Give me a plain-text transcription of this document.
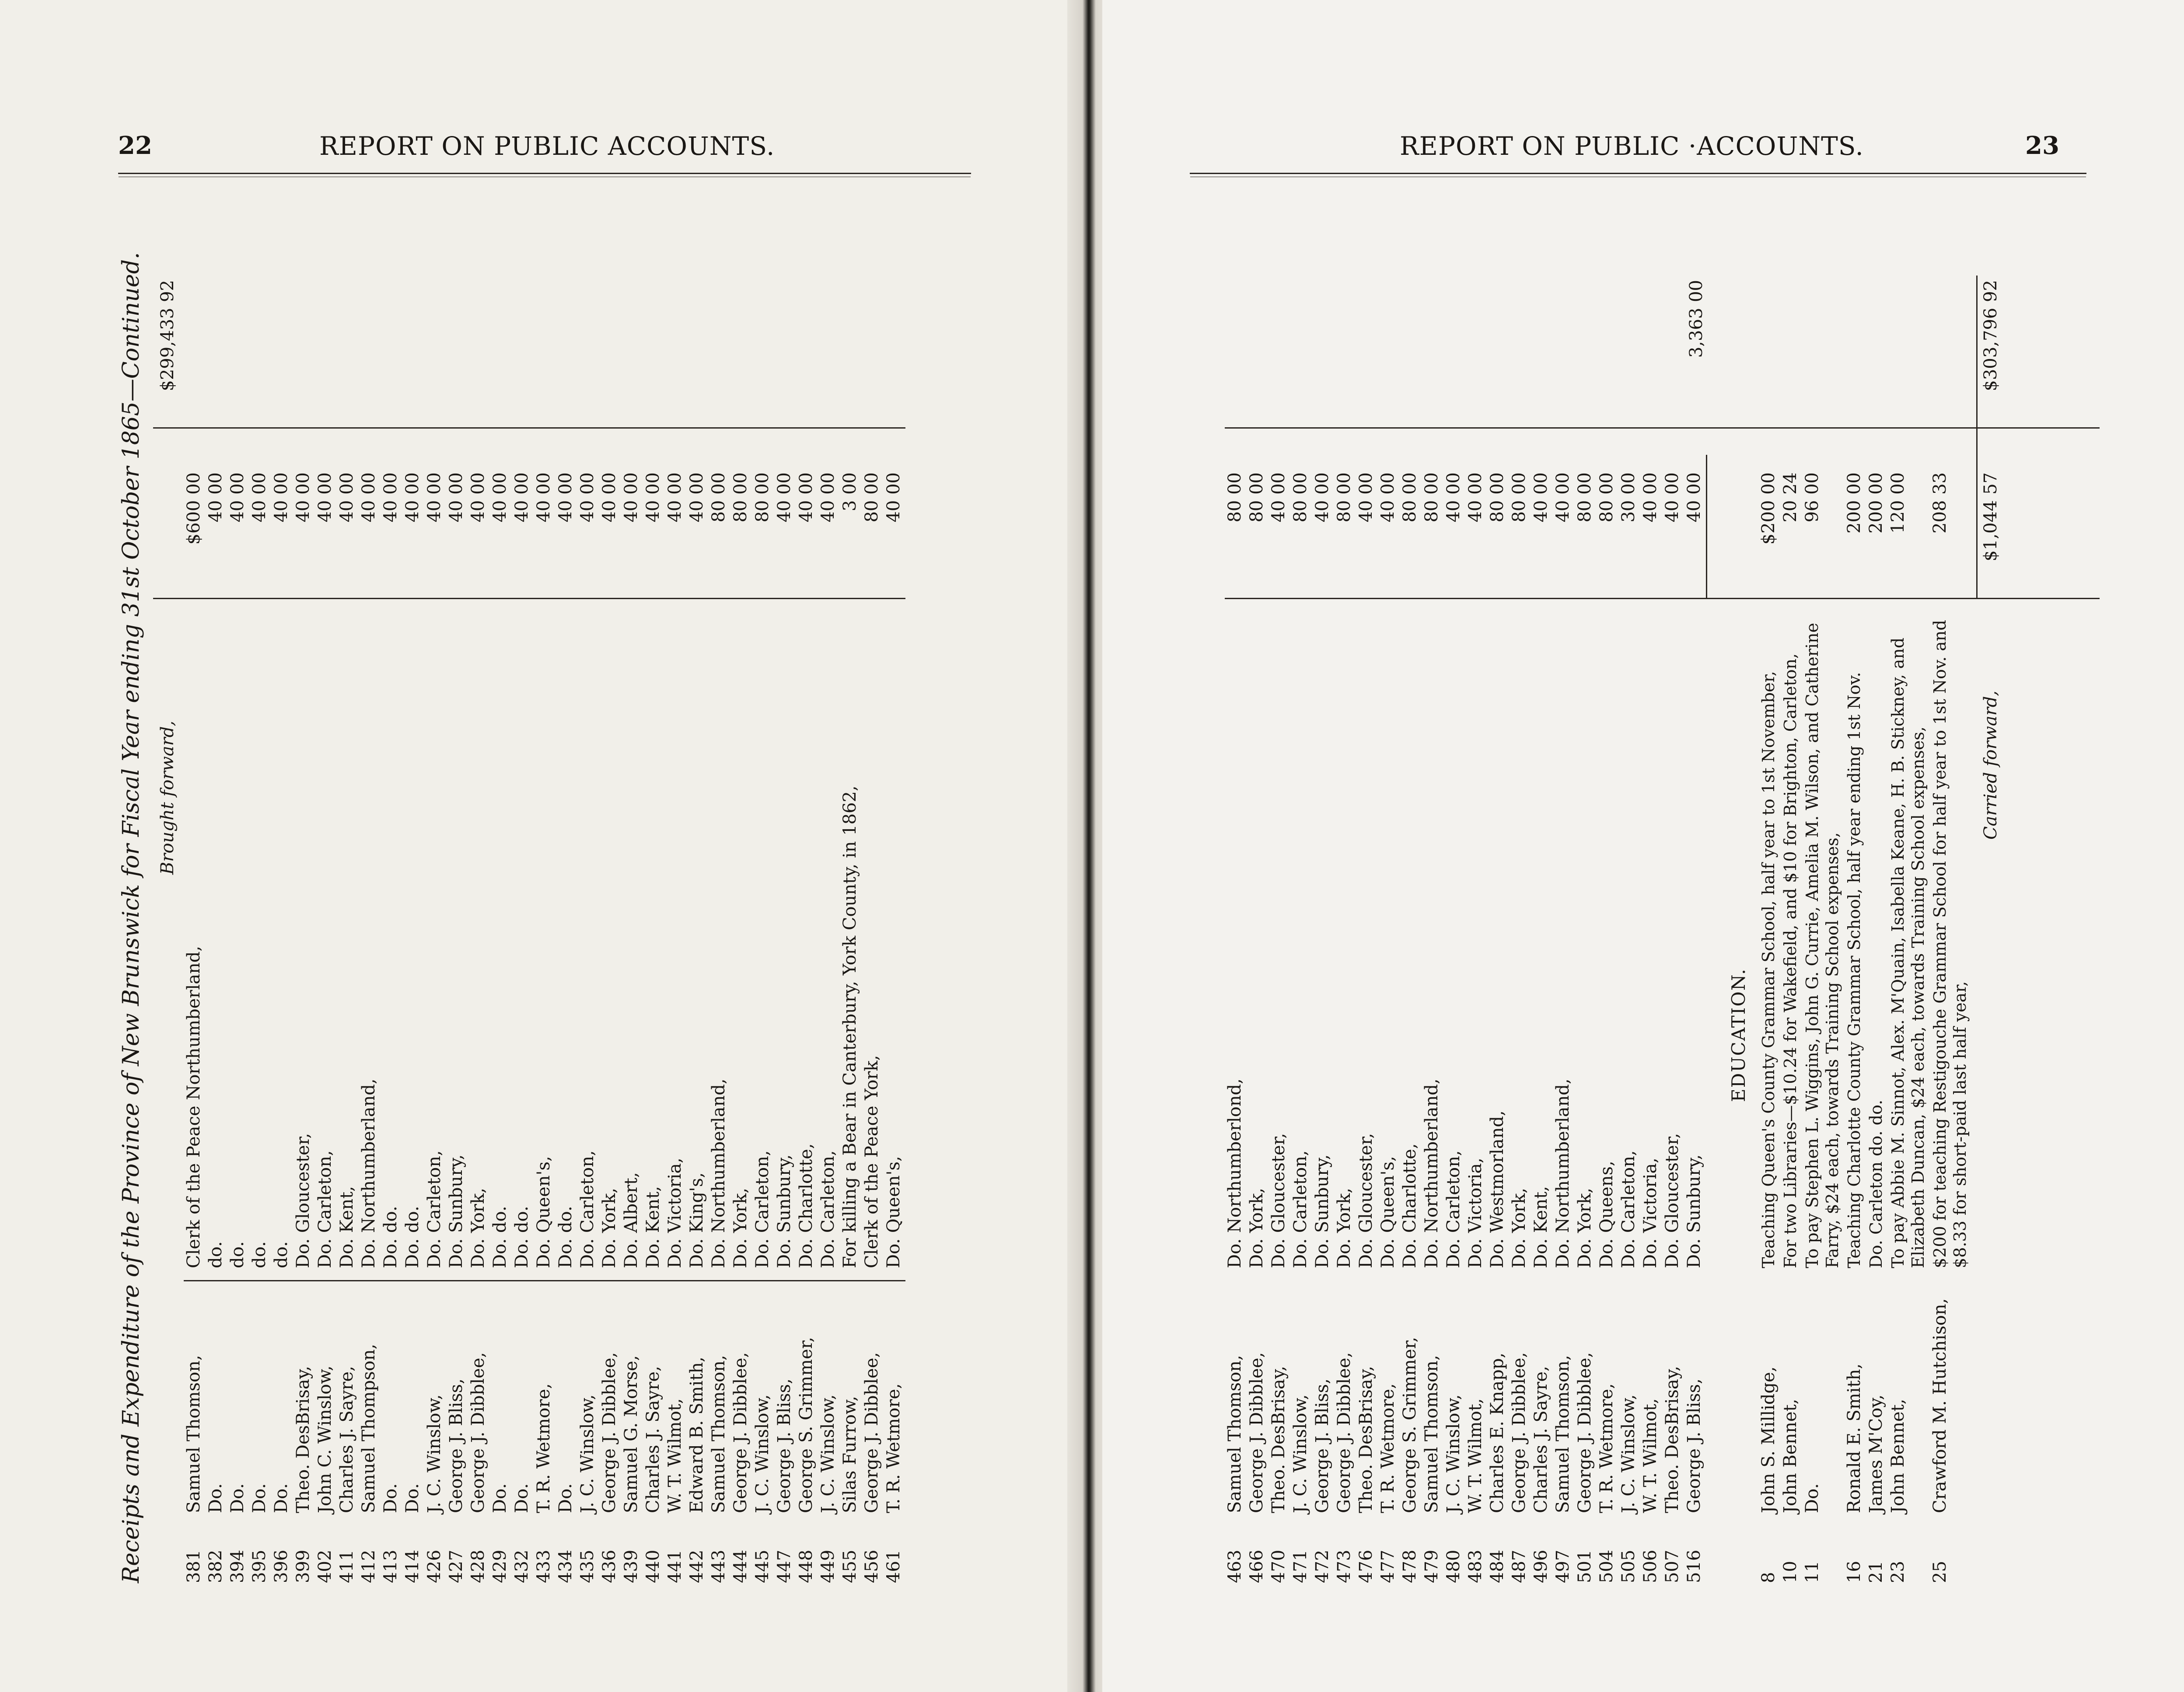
22	REPORT ON PUBLIC ACCOUNTS.
Receipts and Expenditure of the Province of New Brunswick for Fiscal Year ending 31st October 1865—Continued. Brought forward,
$299,433 92
381
Samuel Thomson,
Clerk of the Peace Northumberland,
$600 00
382
Do.
do.
40 00
394
Do.
do.
40 00
395
Do.
do.
40 00
396
Do.
do.
40 00
399
Theo. DesBrisay,
Do. Gloucester,
40 00
402
John C. Winslow,
Do. Carleton,
40 00
411
Charles J. Sayre,
Do. Kent,
40 00
412
Samuel Thompson,
Do. Northumberland,
40 00
413
Do.
Do. do.
40 00
414
Do.
Do. do.
40 00
426
J. C. Winslow,
Do. Carleton,
40 00
427
George J. Bliss,
Do. Sunbury,
40 00
428
George J. Dibblee,
Do. York,
40 00
429
Do.
Do. do.
40 00
432
Do.
Do. do.
40 00
433
T. R. Wetmore,
Do. Queen's,
40 00
434
Do.
Do. do.
40 00
435
J. C. Winslow,
Do. Carleton,
40 00
436
George J. Dibblee,
Do. York,
40 00
439
Samuel G. Morse,
Do. Albert,
40 00
440
Charles J. Sayre,
Do. Kent,
40 00
441
W. T. Wilmot,
Do. Victoria,
40 00
442
Edward B. Smith,
Do. King's,
40 00
443
Samuel Thomson,
Do. Northumberland,
80 00
444
George J. Dibblee,
Do. York,
80 00
445
J. C. Winslow,
Do. Carleton,
80 00
447
George J. Bliss,
Do. Sunbury,
40 00
448
George S. Grimmer,
Do. Charlotte,
40 00
449
J. C. Winslow,
Do. Carleton,
40 00
455
Silas Furrow,
For killing a Bear in Canterbury, York County, in 1862,
3 00
456
George J. Dibblee,
Clerk of the Peace York,
80 00
461
T. R. Wetmore,
Do. Queen's,
40 00
REPORT ON PUBLIC ·ACCOUNTS.	23
463
Samuel Thomson,
Do. Northumberlond,
80 00
466
George J. Dibblee,
Do. York,
80 00
470
Theo. DesBrisay,
Do. Gloucester,
40 00
471
J. C. Winslow,
Do. Carleton,
80 00
472
George J. Bliss,
Do. Sunbury,
40 00
473
George J. Dibblee,
Do. York,
80 00
476
Theo. DesBrisay,
Do. Gloucester,
40 00
477
T. R. Wetmore,
Do. Queen's,
40 00
478
George S. Grimmer,
Do. Charlotte,
80 00
479
Samuel Thomson,
Do. Northumberland,
80 00
480
J. C. Winslow,
Do. Carleton,
40 00
483
W. T. Wilmot,
Do. Victoria,
40 00
484
Charles E. Knapp,
Do. Westmorland,
80 00
487
George J. Dibblee,
Do. York,
80 00
496
Charles J. Sayre,
Do. Kent,
40 00
497
Samuel Thomson,
Do. Northumberland,
40 00
501
George J. Dibblee,
Do. York,
80 00
504
T. R. Wetmore,
Do. Queens,
80 00
505
J. C. Winslow,
Do. Carleton,
30 00
506
W. T. Wilmot,
Do. Victoria,
40 00
507
Theo. DesBrisay,
Do. Gloucester,
40 00
516
George J. Bliss,
Do. Sunbury,
40 00
3,363 00
EDUCATION.
8
John S. Millidge,
Teaching Queen's County Grammar School, half year to 1st November,
$200 00
10
John Bennet,
For two Libraries—$10.24 for Wakefield, and $10 for Brighton, Carleton,
20 24
11
Do.
To pay Stephen L. Wiggins, John G. Currie, Amelia M. Wilson, and Catherine Farry, $24 each, towards Training School expenses,
96 00
16
Ronald E. Smith,
Teaching Charlotte County Grammar School, half year ending 1st Nov.
200 00
21
James M'Coy,
Do. Carleton do. do.
200 00
23
John Bennet,
To pay Abbie M. Sinnot, Alex. M'Quain, Isabella Keane, H. B. Stickney, and Elizabeth Duncan, $24 each, towards Training School expenses,
120 00
25
Crawford M. Hutchison,
$200 for teaching Restigouche Grammar School for half year to 1st Nov. and $8.33 for short-paid last half year,
208 33
Carried forward,
$1,044 57
$303,796 92
